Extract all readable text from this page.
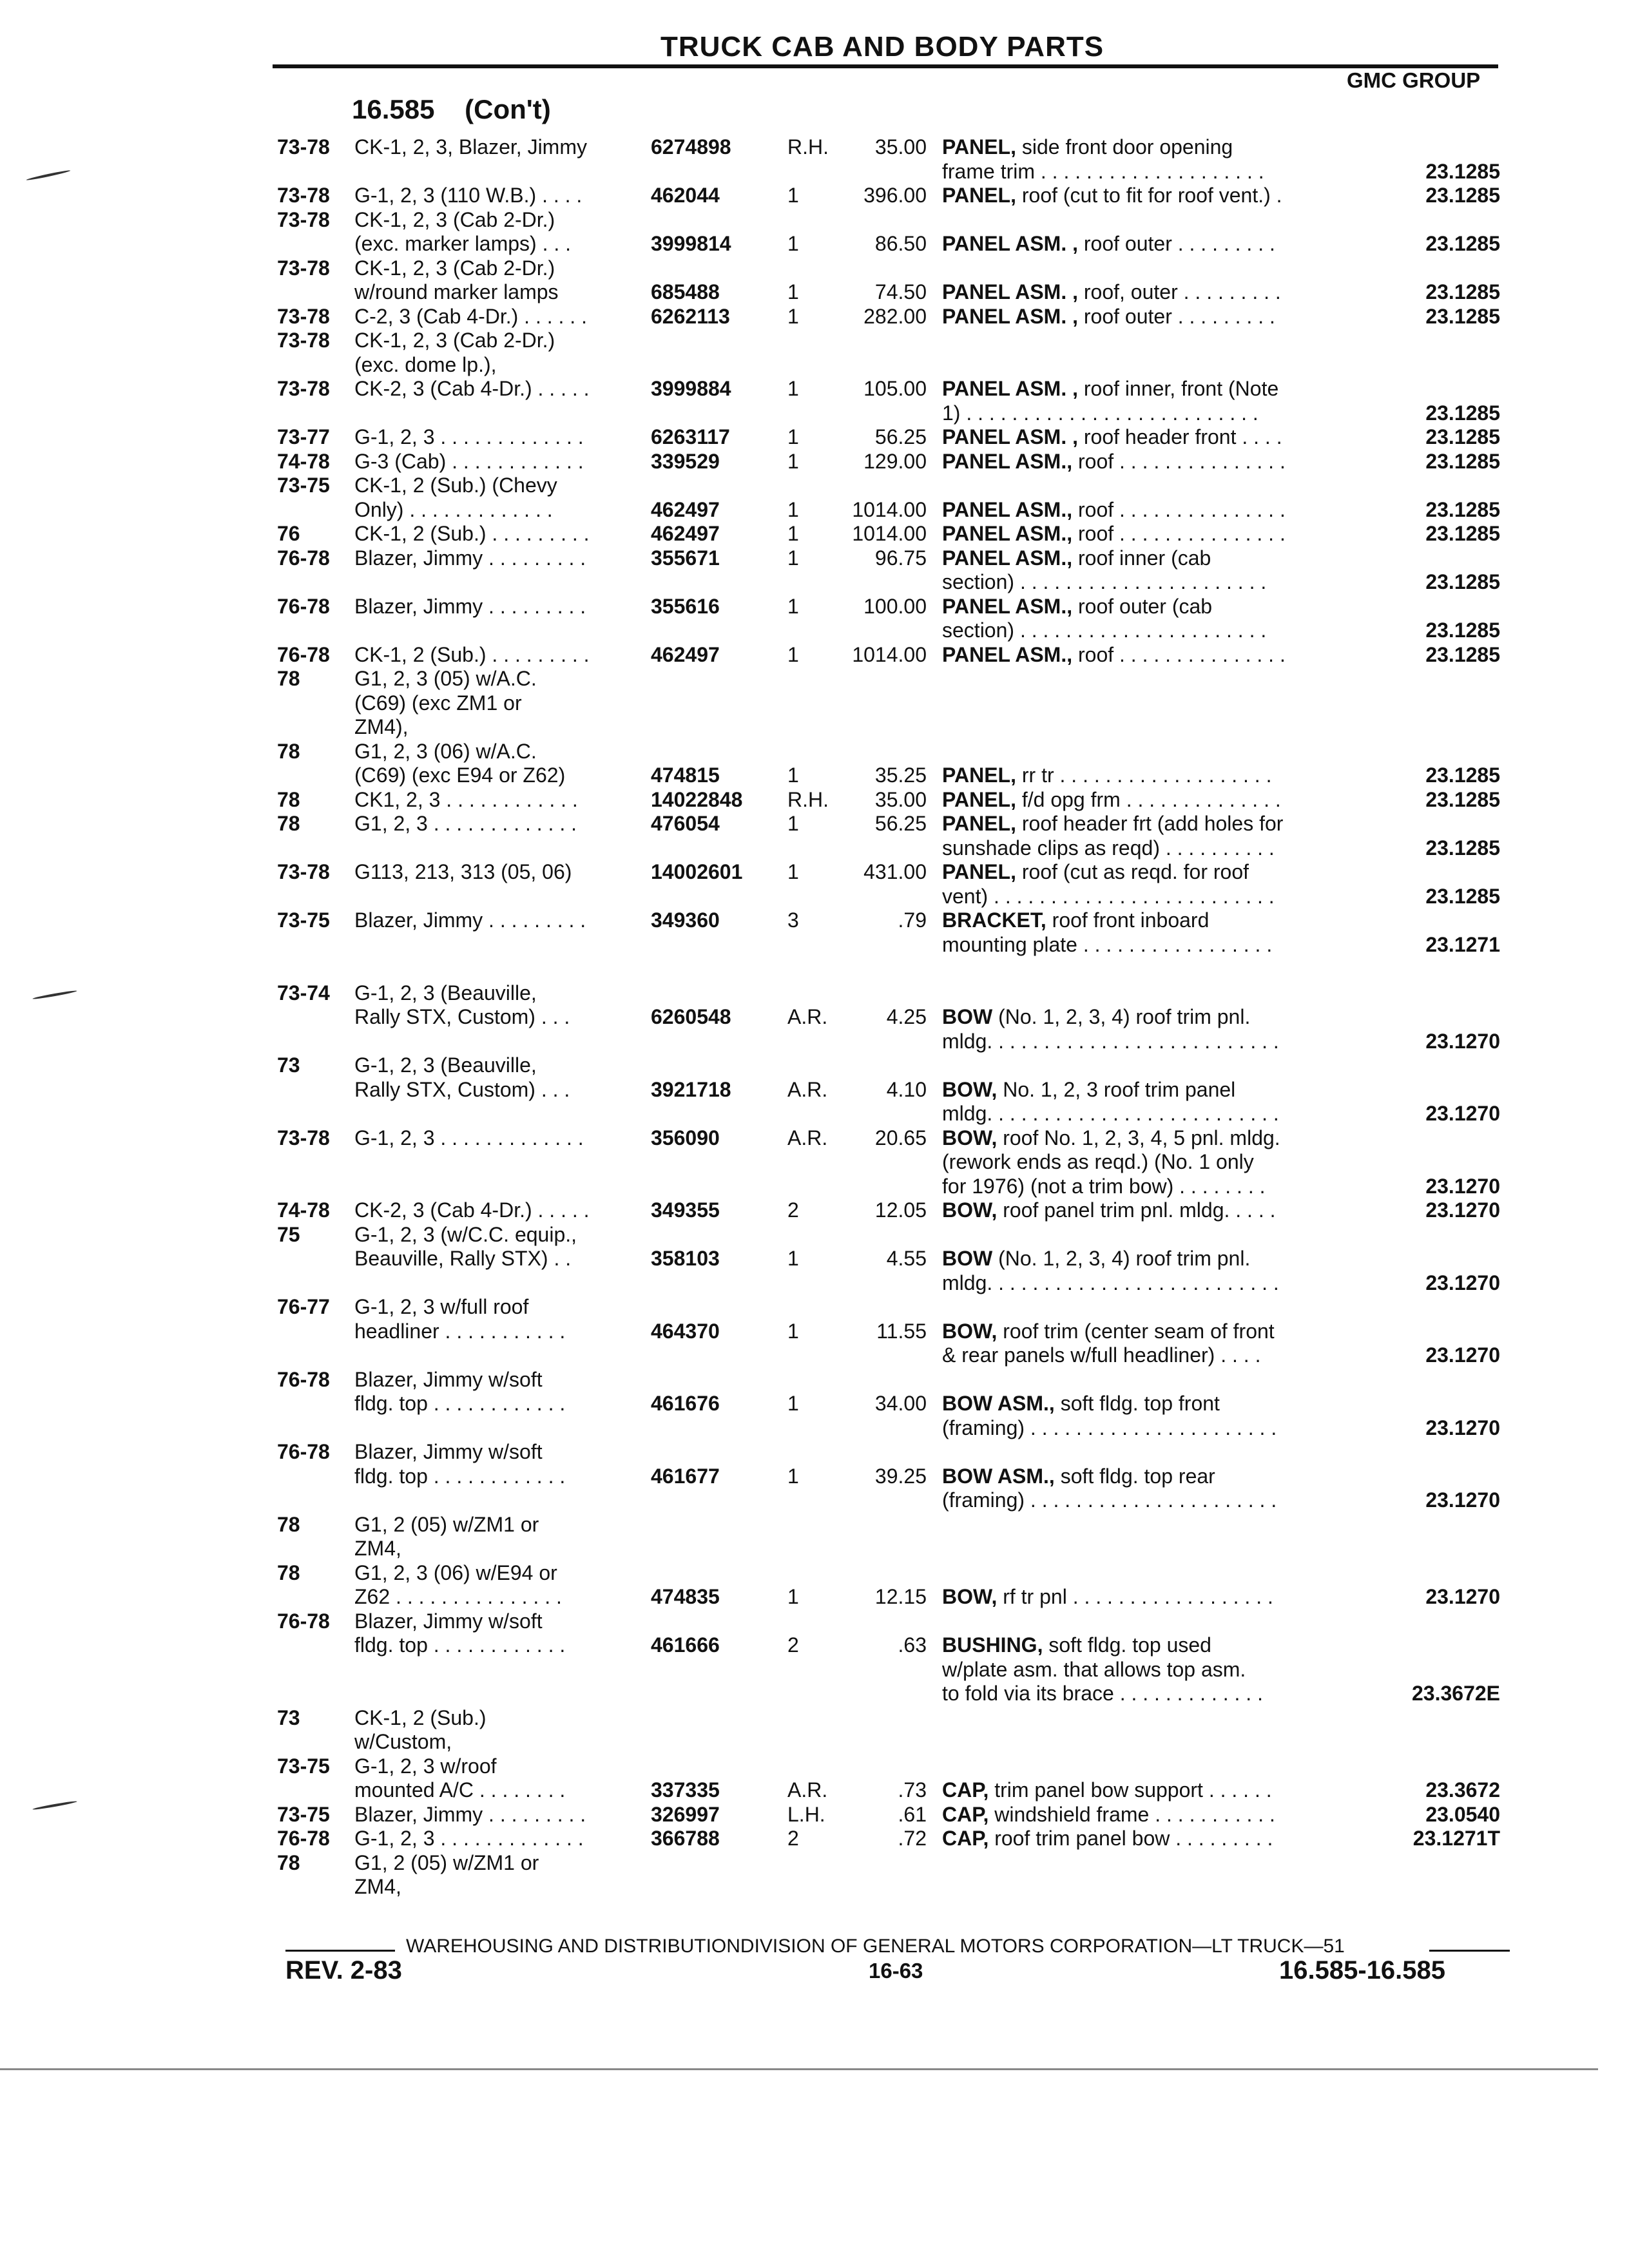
TRUCK CAB AND BODY PARTS
GMC GROUP
16.585 (Con't)
73-78 CK-1, 2, 3, Blazer, Jimmy	6274898	R.H. 35.00 PANEL, side front door opening
frame trim . . . . . . . . . . . . . . . . . . . .	23.1285
73-78 G-1, 2, 3 (110 W.B.) . . . .	462044	1	396.00 PANEL, roof (cut to fit for roof vent.) .	23.1285
73-78 CK-1, 2, 3 (Cab 2-Dr.)
(exc. marker lamps) . . .	3999814	1	86.50 PANEL ASM. , roof outer . . . . . . . . .	23.1285
73-78 CK-1, 2, 3 (Cab 2-Dr.)
w/round marker lamps	685488	1	74.50 PANEL ASM. , roof, outer . . . . . . . . .	23.1285
73-78 C-2, 3 (Cab 4-Dr.) . . . . . .	6262113	1	282.00 PANEL ASM. , roof outer . . . . . . . . .	23.1285
73-78 CK-1, 2, 3 (Cab 2-Dr.)
(exc. dome lp.),
73-78 CK-2, 3 (Cab 4-Dr.) . . . . .	3999884	1	105.00 PANEL ASM. , roof inner, front (Note
1) . . . . . . . . . . . . . . . . . . . . . . . . . .	23.1285
73-77 G-1, 2, 3 . . . . . . . . . . . . .	6263117	1	56.25 PANEL ASM. , roof header front . . . .	23.1285
74-78 G-3 (Cab) . . . . . . . . . . . .	339529	1	129.00 PANEL ASM., roof . . . . . . . . . . . . . . .	23.1285
73-75 CK-1, 2 (Sub.) (Chevy
Only) . . . . . . . . . . . . .	462497	1	1014.00 PANEL ASM., roof . . . . . . . . . . . . . . .	23.1285
76	CK-1, 2 (Sub.) . . . . . . . . .	462497	1	1014.00 PANEL ASM., roof . . . . . . . . . . . . . . .	23.1285
76-78 Blazer, Jimmy . . . . . . . . .	355671	1	96.75 PANEL ASM., roof inner (cab
section) . . . . . . . . . . . . . . . . . . . . . .	23.1285
76-78 Blazer, Jimmy . . . . . . . . .	355616	1	100.00 PANEL ASM., roof outer (cab
section) . . . . . . . . . . . . . . . . . . . . . .	23.1285
76-78 CK-1, 2 (Sub.) . . . . . . . . .	462497	1	1014.00 PANEL ASM., roof . . . . . . . . . . . . . . .	23.1285
78	G1, 2, 3 (05) w/A.C.
(C69) (exc ZM1 or
ZM4),
78	G1, 2, 3 (06) w/A.C.
(C69) (exc E94 or Z62)	474815	1	35.25 PANEL, rr tr . . . . . . . . . . . . . . . . . . .	23.1285
78	CK1, 2, 3 . . . . . . . . . . . .	14022848 R.H. 35.00 PANEL, f/d opg frm . . . . . . . . . . . . . .	23.1285
78	G1, 2, 3 . . . . . . . . . . . . .	476054	1	56.25 PANEL, roof header frt (add holes for
sunshade clips as reqd) . . . . . . . . . .	23.1285
73-78 G113, 213, 313 (05, 06)	14002601 1	431.00 PANEL, roof (cut as reqd. for roof
vent) . . . . . . . . . . . . . . . . . . . . . . . . .	23.1285
73-75 Blazer, Jimmy . . . . . . . . .	349360	3	.79 BRACKET, roof front inboard
mounting plate . . . . . . . . . . . . . . . . .	23.1271
73-74 G-1, 2, 3 (Beauville,
Rally STX, Custom) . . .	6260548	A.R.	4.25 BOW (No. 1, 2, 3, 4) roof trim pnl.
mldg. . . . . . . . . . . . . . . . . . . . . . . . . .	23.1270
73	G-1, 2, 3 (Beauville,
Rally STX, Custom) . . .	3921718	A.R.	4.10 BOW, No. 1, 2, 3 roof trim panel
mldg. . . . . . . . . . . . . . . . . . . . . . . . . .	23.1270
73-78 G-1, 2, 3 . . . . . . . . . . . . .	356090	A.R. 20.65 BOW, roof No. 1, 2, 3, 4, 5 pnl. mldg.
(rework ends as reqd.) (No. 1 only
for 1976) (not a trim bow) . . . . . . . .	23.1270
74-78 CK-2, 3 (Cab 4-Dr.) . . . . .	349355	2	12.05 BOW, roof panel trim pnl. mldg. . . . .	23.1270
75	G-1, 2, 3 (w/C.C. equip.,
Beauville, Rally STX) . .	358103	1	4.55 BOW (No. 1, 2, 3, 4) roof trim pnl.
mldg. . . . . . . . . . . . . . . . . . . . . . . . . .	23.1270
76-77 G-1, 2, 3 w/full roof
headliner . . . . . . . . . . .	464370	1	11.55 BOW, roof trim (center seam of front
& rear panels w/full headliner) . . . .	23.1270
76-78 Blazer, Jimmy w/soft
fldg. top . . . . . . . . . . . .	461676	1	34.00 BOW ASM., soft fldg. top front
(framing) . . . . . . . . . . . . . . . . . . . . . .	23.1270
76-78 Blazer, Jimmy w/soft
fldg. top . . . . . . . . . . . .	461677	1	39.25 BOW ASM., soft fldg. top rear
(framing) . . . . . . . . . . . . . . . . . . . . . .	23.1270
78	G1, 2 (05) w/ZM1 or
ZM4,
78	G1, 2, 3 (06) w/E94 or
Z62 . . . . . . . . . . . . . . .	474835	1	12.15 BOW, rf tr pnl . . . . . . . . . . . . . . . . . .	23.1270
76-78 Blazer, Jimmy w/soft
fldg. top . . . . . . . . . . . .	461666	2	.63 BUSHING, soft fldg. top used
w/plate asm. that allows top asm.
to fold via its brace . . . . . . . . . . . . .	23.3672E
73	CK-1, 2 (Sub.)
w/Custom,
73-75 G-1, 2, 3 w/roof
mounted A/C . . . . . . . .	337335	A.R.	.73 CAP, trim panel bow support . . . . . .	23.3672
73-75 Blazer, Jimmy . . . . . . . . .	326997	L.H.	.61 CAP, windshield frame . . . . . . . . . . .	23.0540
76-78 G-1, 2, 3 . . . . . . . . . . . . .	366788	2	.72 CAP, roof trim panel bow . . . . . . . . .	23.1271T
78	G1, 2 (05) w/ZM1 or
ZM4,
WAREHOUSING AND DISTRIBUTIONDIVISION OF GENERAL MOTORS CORPORATION—LT TRUCK—51
REV. 2-83	16-63	16.585-16.585
